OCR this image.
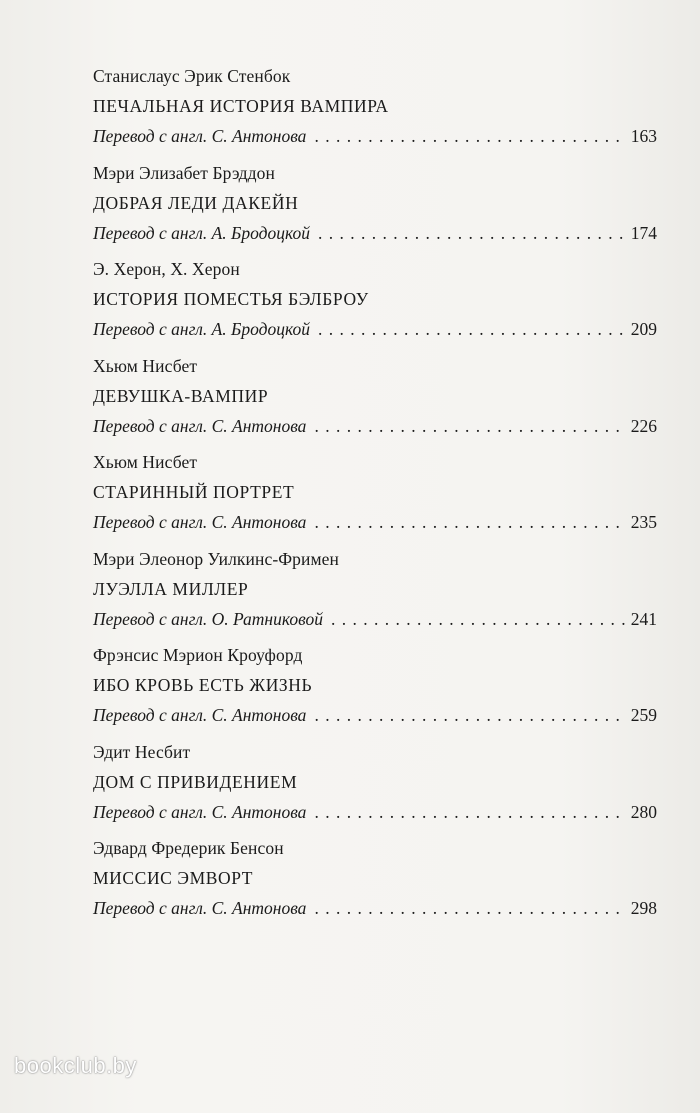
Станислаус Эрик Стенбок
ПЕЧАЛЬНАЯ ИСТОРИЯ ВАМПИРА
Перевод с англ. С. Антонова . . .	163
Мэри Элизабет Брэддон
ДОБРАЯ ЛЕДИ ДАКЕЙН
Перевод с англ. А. Бродоцкой . . .	174
Э. Херон, Х. Херон
ИСТОРИЯ ПОМЕСТЬЯ БЭЛБРОУ
Перевод с англ. А. Бродоцкой . . .	209
Хьюм Нисбет
ДЕВУШКА-ВАМПИР
Перевод с англ. С. Антонова . . .	226
Хьюм Нисбет
СТАРИННЫЙ ПОРТРЕТ
Перевод с англ. С. Антонова . . .	235
Мэри Элеонор Уилкинс-Фримен
ЛУЭЛЛА МИЛЛЕР
Перевод с англ. О. Ратниковой . . .	241
Фрэнсис Мэрион Кроуфорд
ИБО КРОВЬ ЕСТЬ ЖИЗНЬ
Перевод с англ. С. Антонова . . .	259
Эдит Несбит
ДОМ С ПРИВИДЕНИЕМ
Перевод с англ. С. Антонова . . .	280
Эдвард Фредерик Бенсон
МИССИС ЭМВОРТ
Перевод с англ. С. Антонова . . .	298
bookclub.by
